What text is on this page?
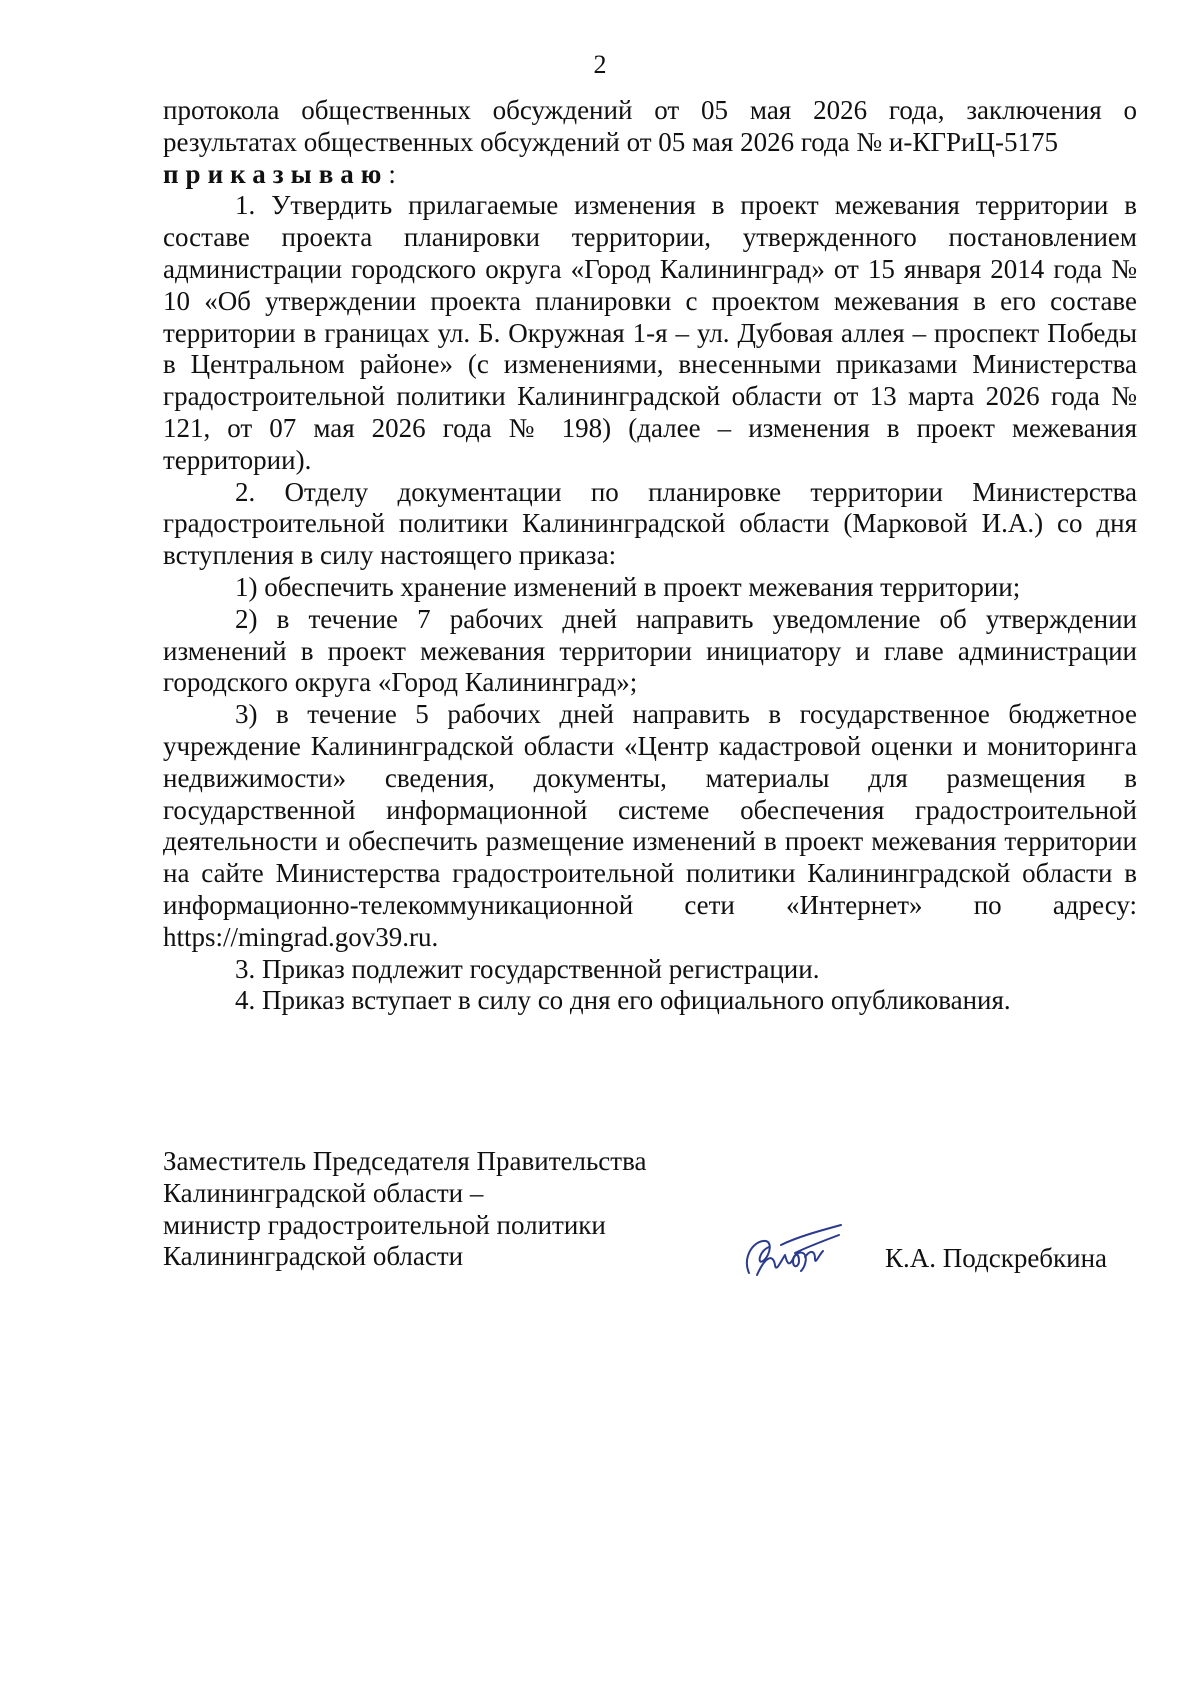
2

протокола общественных обсуждений от 05 мая 2026 года, заключения о результатах общественных обсуждений от 05 мая 2026 года № и-КГРиЦ-5175
приказываю:

1. Утвердить прилагаемые изменения в проект межевания территории в составе проекта планировки территории, утвержденного постановлением администрации городского округа «Город Калининград» от 15 января 2014 года № 10 «Об утверждении проекта планировки с проектом межевания в его составе территории в границах ул. Б. Окружная 1-я – ул. Дубовая аллея – проспект Победы в Центральном районе» (с изменениями, внесенными приказами Министерства градостроительной политики Калининградской области от 13 марта 2026 года № 121, от 07 мая 2026 года № 198) (далее – изменения в проект межевания территории).

2. Отделу документации по планировке территории Министерства градостроительной политики Калининградской области (Марковой И.А.) со дня вступления в силу настоящего приказа:

1) обеспечить хранение изменений в проект межевания территории;

2) в течение 7 рабочих дней направить уведомление об утверждении изменений в проект межевания территории инициатору и главе администрации городского округа «Город Калининград»;

3) в течение 5 рабочих дней направить в государственное бюджетное учреждение Калининградской области «Центр кадастровой оценки и мониторинга недвижимости» сведения, документы, материалы для размещения в государственной информационной системе обеспечения градостроительной деятельности и обеспечить размещение изменений в проект межевания территории на сайте Министерства градостроительной политики Калининградской области в информационно-телекоммуникационной сети «Интернет» по адресу: https://mingrad.gov39.ru.

3. Приказ подлежит государственной регистрации.

4. Приказ вступает в силу со дня его официального опубликования.

Заместитель Председателя Правительства
Калининградской области –
министр градостроительной политики
Калининградской области	К.А. Подскребкина
